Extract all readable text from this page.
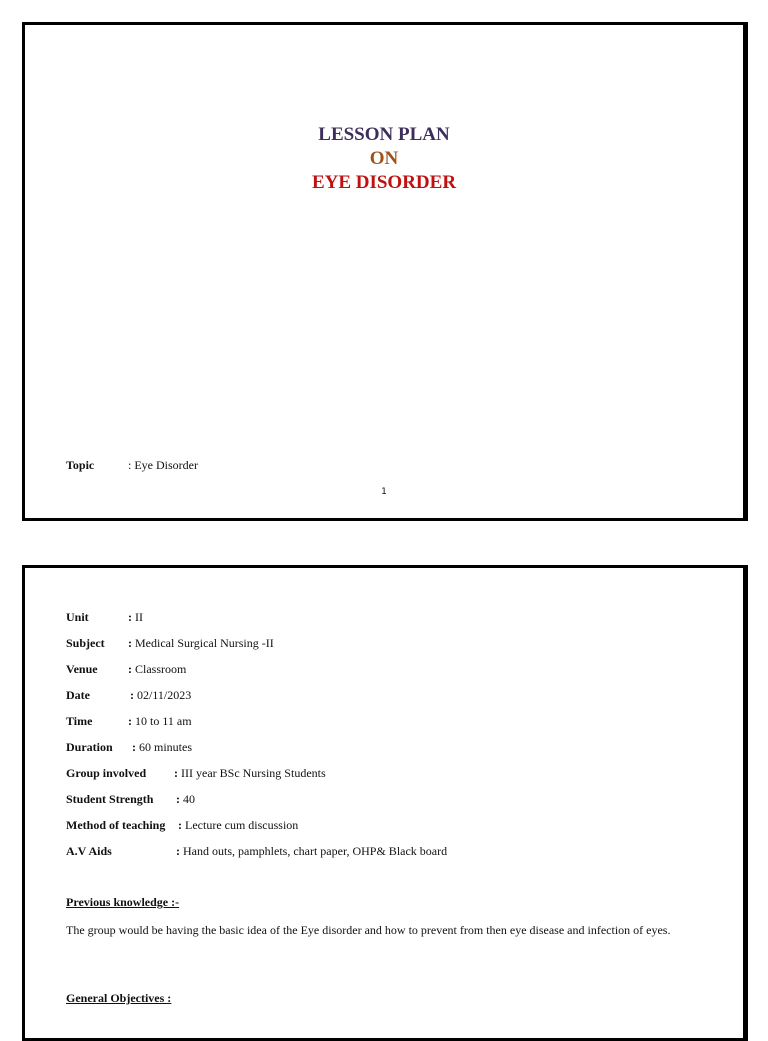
LESSON PLAN
ON
EYE DISORDER
Topic	: Eye Disorder
1
Unit	: II
Subject : Medical Surgical Nursing -II
Venue	: Classroom
Date	: 02/11/2023
Time	: 10 to 11 am
Duration : 60 minutes
Group involved : III year BSc Nursing Students
Student Strength : 40
Method of teaching : Lecture cum discussion
A.V Aids	: Hand outs, pamphlets, chart paper, OHP& Black board
Previous knowledge :-
The group would be having the basic idea of the Eye disorder and how to prevent from then eye disease and infection of eyes.
General Objectives :
